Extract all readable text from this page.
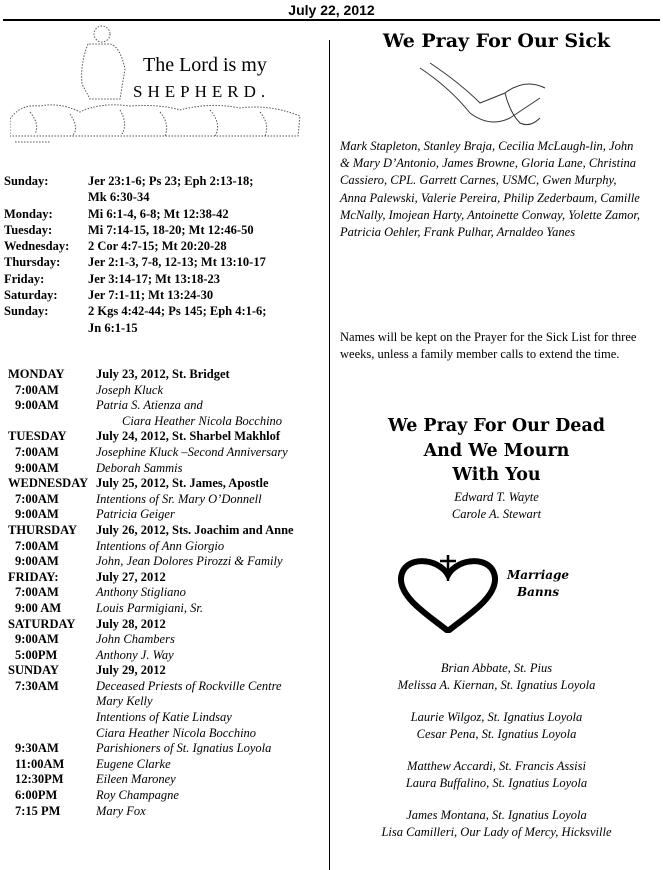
July 22, 2012
The Lord is my
SHEPHERD.
Sunday:	Jer 23:1-6; Ps 23; Eph 2:13-18;
Mk 6:30-34
Monday:	Mi 6:1-4, 6-8; Mt 12:38-42
Tuesday:	Mi 7:14-15, 18-20; Mt 12:46-50
Wednesday:	2 Cor 4:7-15; Mt 20:20-28
Thursday:	Jer 2:1-3, 7-8, 12-13; Mt 13:10-17
Friday:	Jer 3:14-17; Mt 13:18-23
Saturday:	Jer 7:1-11; Mt 13:24-30
Sunday:	2 Kgs 4:42-44; Ps 145; Eph 4:1-6;
Jn 6:1-15
MONDAY	July 23, 2012, St. Bridget
7:00AM	Joseph Kluck
9:00AM	Patria S. Atienza and
Ciara Heather Nicola Bocchino
TUESDAY	July 24, 2012, St. Sharbel Makhlof
7:00AM	Josephine Kluck –Second Anniversary
9:00AM	Deborah Sammis
WEDNESDAY July 25, 2012, St. James, Apostle
7:00AM	Intentions of Sr. Mary O’Donnell
9:00AM	Patricia Geiger
THURSDAY	July 26, 2012, Sts. Joachim and Anne
7:00AM	Intentions of Ann Giorgio
9:00AM	John, Jean Dolores Pirozzi & Family
FRIDAY:	July 27, 2012
7:00AM	Anthony Stigliano
9:00 AM	Louis Parmigiani, Sr.
SATURDAY	July 28, 2012
9:00AM	John Chambers
5:00PM	Anthony J. Way
SUNDAY	July 29, 2012
7:30AM	Deceased Priests of Rockville Centre
Mary Kelly
Intentions of Katie Lindsay
Ciara Heather Nicola Bocchino
9:30AM	Parishioners of St. Ignatius Loyola
11:00AM	Eugene Clarke
12:30PM	Eileen Maroney
6:00PM	Roy Champagne
7:15 PM	Mary Fox
We Pray For Our Sick
Mark Stapleton, Stanley Braja, Cecilia McLaugh-lin, John & Mary D’Antonio, James Browne, Gloria Lane, Christina Cassiero, CPL. Garrett Carnes, USMC, Gwen Murphy, Anna Palewski, Valerie Pereira, Philip Zederbaum, Camille McNally, Imojean Harty, Antoinette Conway, Yolette Zamor, Patricia Oehler, Frank Pulhar, Arnaldeo Yanes
Names will be kept on the Prayer for the Sick List for three weeks, unless a family member calls to extend the time.
We Pray For Our Dead
And We Mourn
With You
Edward T. Wayte
Carole A. Stewart
Marriage
Banns
Brian Abbate, St. Pius
Melissa A. Kiernan, St. Ignatius Loyola
Laurie Wilgoz, St. Ignatius Loyola
Cesar Pena, St. Ignatius Loyola
Matthew Accardi, St. Francis Assisi
Laura Buffalino, St. Ignatius Loyola
James Montana, St. Ignatius Loyola
Lisa Camilleri, Our Lady of Mercy, Hicksville
